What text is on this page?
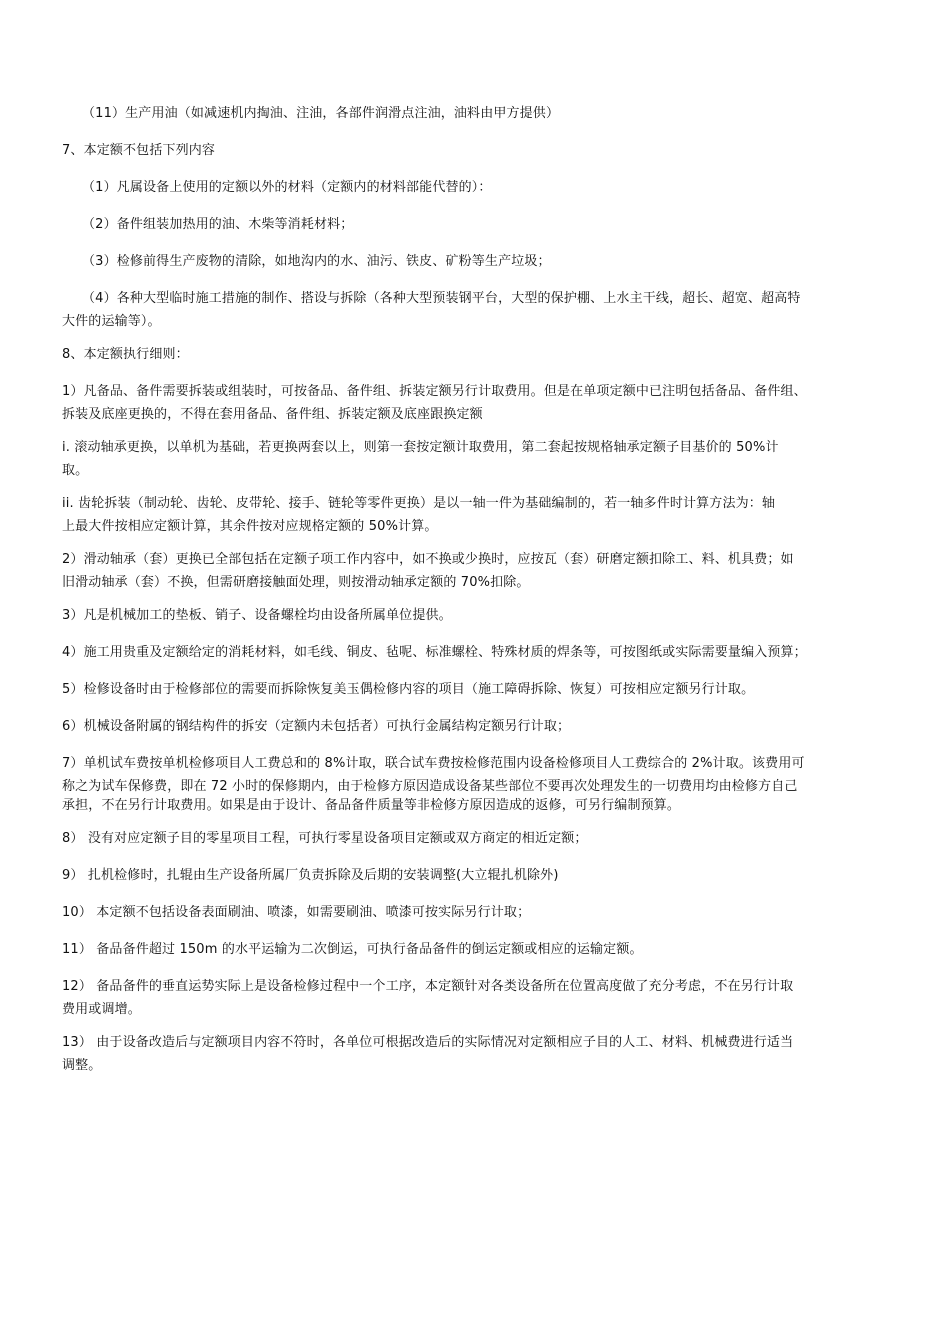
（11）生产用油（如减速机内掏油、注油，各部件润滑点注油，油料由甲方提供）

7、本定额不包括下列内容

（1）凡属设备上使用的定额以外的材料（定额内的材料部能代替的）：

（2）备件组装加热用的油、木柴等消耗材料；

（3）检修前得生产废物的清除，如地沟内的水、油污、铁皮、矿粉等生产垃圾；

（4）各种大型临时施工措施的制作、搭设与拆除（各种大型预装钢平台，大型的保护棚、上水主干线，超长、超宽、超高特

大件的运输等）。

8、本定额执行细则：

1）凡备品、备件需要拆装或组装时，可按备品、备件组、拆装定额另行计取费用。但是在单项定额中已注明包括备品、备件组、

拆装及底座更换的，不得在套用备品、备件组、拆装定额及底座跟换定额

i. 滚动轴承更换，以单机为基础，若更换两套以上，则第一套按定额计取费用，第二套起按规格轴承定额子目基价的 50%计

取。

ii. 齿轮拆装（制动轮、齿轮、皮带轮、接手、链轮等零件更换）是以一轴一件为基础编制的，若一轴多件时计算方法为：轴

上最大件按相应定额计算，其余件按对应规格定额的 50%计算。

2）滑动轴承（套）更换已全部包括在定额子项工作内容中，如不换或少换时，应按瓦（套）研磨定额扣除工、料、机具费；如

旧滑动轴承（套）不换，但需研磨接触面处理，则按滑动轴承定额的 70%扣除。

3）凡是机械加工的垫板、销子、设备螺栓均由设备所属单位提供。

4）施工用贵重及定额给定的消耗材料，如毛线、铜皮、毡呢、标准螺栓、特殊材质的焊条等，可按图纸或实际需要量编入预算；

5）检修设备时由于检修部位的需要而拆除恢复美玉偶检修内容的项目（施工障碍拆除、恢复）可按相应定额另行计取。

6）机械设备附属的钢结构件的拆安（定额内未包括者）可执行金属结构定额另行计取；

7）单机试车费按单机检修项目人工费总和的 8%计取，联合试车费按检修范围内设备检修项目人工费综合的 2%计取。该费用可

称之为试车保修费，即在 72 小时的保修期内，由于检修方原因造成设备某些部位不要再次处理发生的一切费用均由检修方自己

承担，不在另行计取费用。如果是由于设计、备品备件质量等非检修方原因造成的返修，可另行编制预算。

8） 没有对应定额子目的零星项目工程，可执行零星设备项目定额或双方商定的相近定额；

9） 扎机检修时，扎辊由生产设备所属厂负责拆除及后期的安装调整(大立辊扎机除外)

10） 本定额不包括设备表面刷油、喷漆，如需要刷油、喷漆可按实际另行计取；

11） 备品备件超过 150m 的水平运输为二次倒运，可执行备品备件的倒运定额或相应的运输定额。

12） 备品备件的垂直运势实际上是设备检修过程中一个工序，本定额针对各类设备所在位置高度做了充分考虑，不在另行计取

费用或调增。

13） 由于设备改造后与定额项目内容不符时，各单位可根据改造后的实际情况对定额相应子目的人工、材料、机械费进行适当

调整。
